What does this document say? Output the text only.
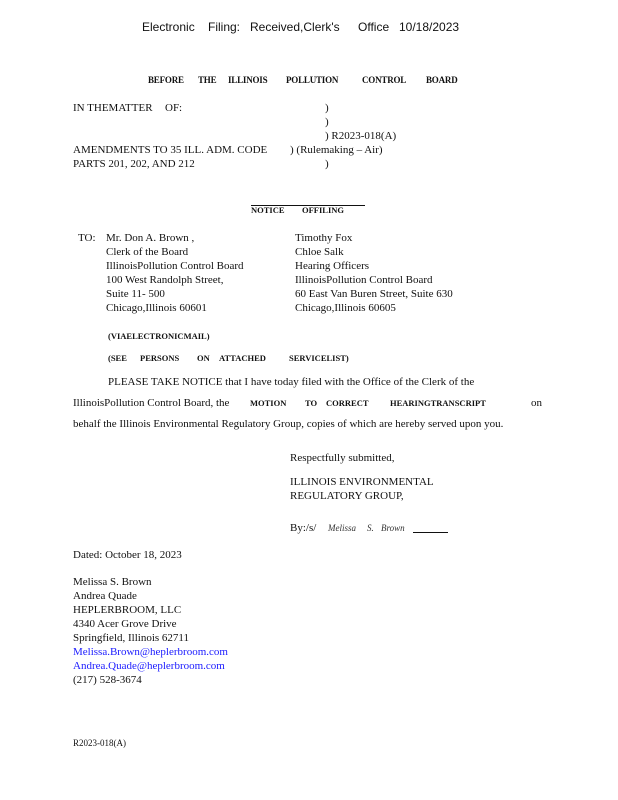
Electronic Filing: Received,Clerk's Office 10/18/2023
BEFORE THE ILLINOIS POLLUTION	CONTROL BOARD
IN THEMATTER OF:	)
)
) R2023-018(A)
AMENDMENTS TO 35 ILL. ADM. CODE ) (Rulemaking – Air)
PARTS 201, 202, AND 212	)
NOTICE OFFILING
TO: Mr. Don A. Brown ,
Clerk of the Board
IllinoisPollution Control Board
100 West Randolph Street,
Suite 11- 500
Chicago,Illinois 60601
Timothy Fox
Chloe Salk
Hearing Officers
IllinoisPollution Control Board
60 East Van Buren Street, Suite 630
Chicago,Illinois 60605
(VIAELECTRONICMAIL)
(SEE PERSONS ON ATTACHED	SERVICELIST)
PLEASE TAKE NOTICE that I have today filed with the Office of the Clerk of the
IllinoisPollution Control Board, the MOTION TO CORRECT	HEARINGTRANSCRIPT	on
behalf the Illinois Environmental Regulatory Group, copies of which are hereby served upon you.
Respectfully submitted,
ILLINOIS ENVIRONMENTAL
REGULATORY GROUP,
By:/s/ Melissa S. Brown
Dated: October 18, 2023
Melissa S. Brown
Andrea Quade
HEPLERBROOM, LLC
4340 Acer Grove Drive
Springfield, Illinois 62711
Melissa.Brown@heplerbroom.com
Andrea.Quade@heplerbroom.com
(217) 528-3674
R2023-018(A)
